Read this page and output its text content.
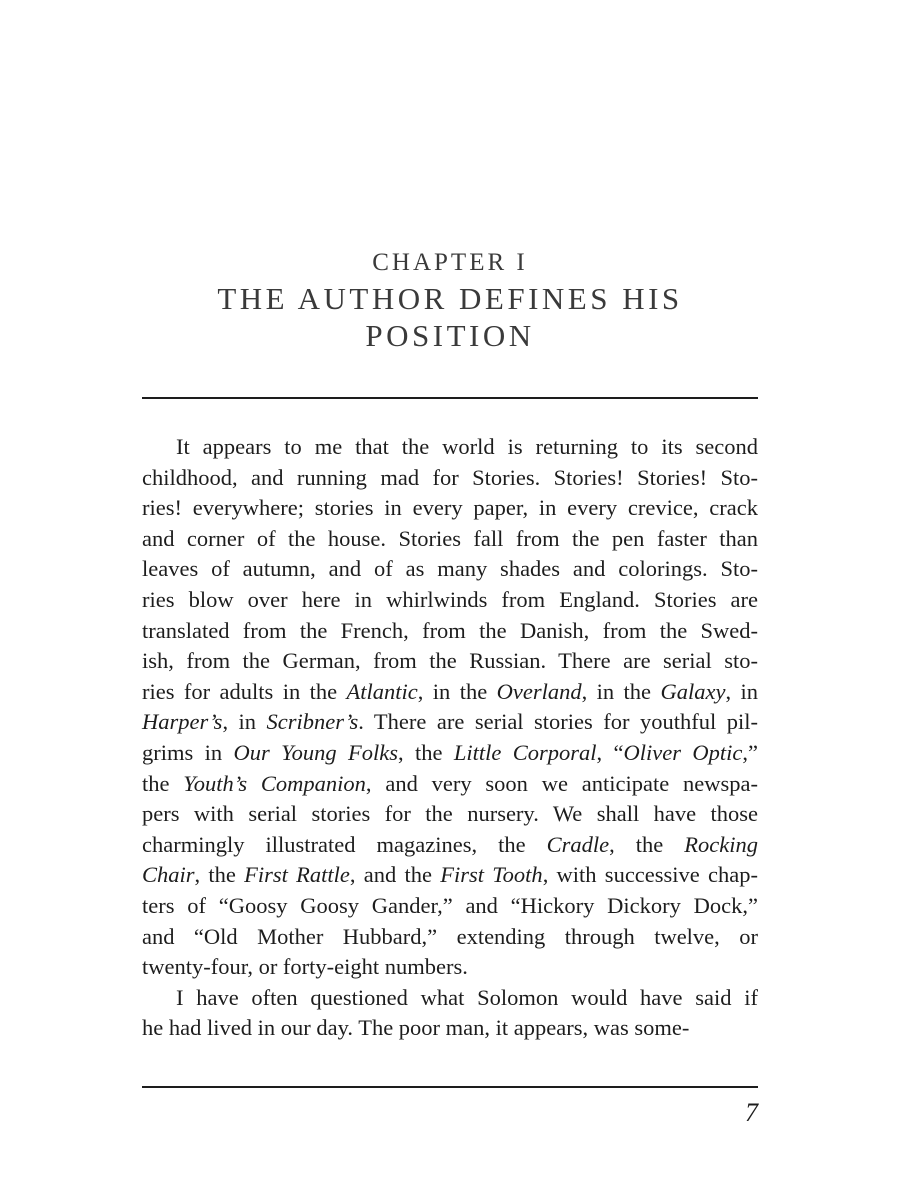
CHAPTER I
THE AUTHOR DEFINES HIS
POSITION
It appears to me that the world is returning to its second
childhood, and running mad for Stories. Stories! Stories! Sto-
ries! everywhere; stories in every paper, in every crevice, crack
and corner of the house. Stories fall from the pen faster than
leaves of autumn, and of as many shades and colorings. Sto-
ries blow over here in whirlwinds from England. Stories are
translated from the French, from the Danish, from the Swed-
ish, from the German, from the Russian. There are serial sto-
ries for adults in the Atlantic, in the Overland, in the Galaxy, in
Harper’s, in Scribner’s. There are serial stories for youthful pil-
grims in Our Young Folks, the Little Corporal, “Oliver Optic,”
the Youth’s Companion, and very soon we anticipate newspa-
pers with serial stories for the nursery. We shall have those
charmingly illustrated magazines, the Cradle, the Rocking
Chair, the First Rattle, and the First Tooth, with successive chap-
ters of “Goosy Goosy Gander,” and “Hickory Dickory Dock,”
and “Old Mother Hubbard,” extending through twelve, or
twenty-four, or forty-eight numbers.
I have often questioned what Solomon would have said if
he had lived in our day. The poor man, it appears, was some-
7
